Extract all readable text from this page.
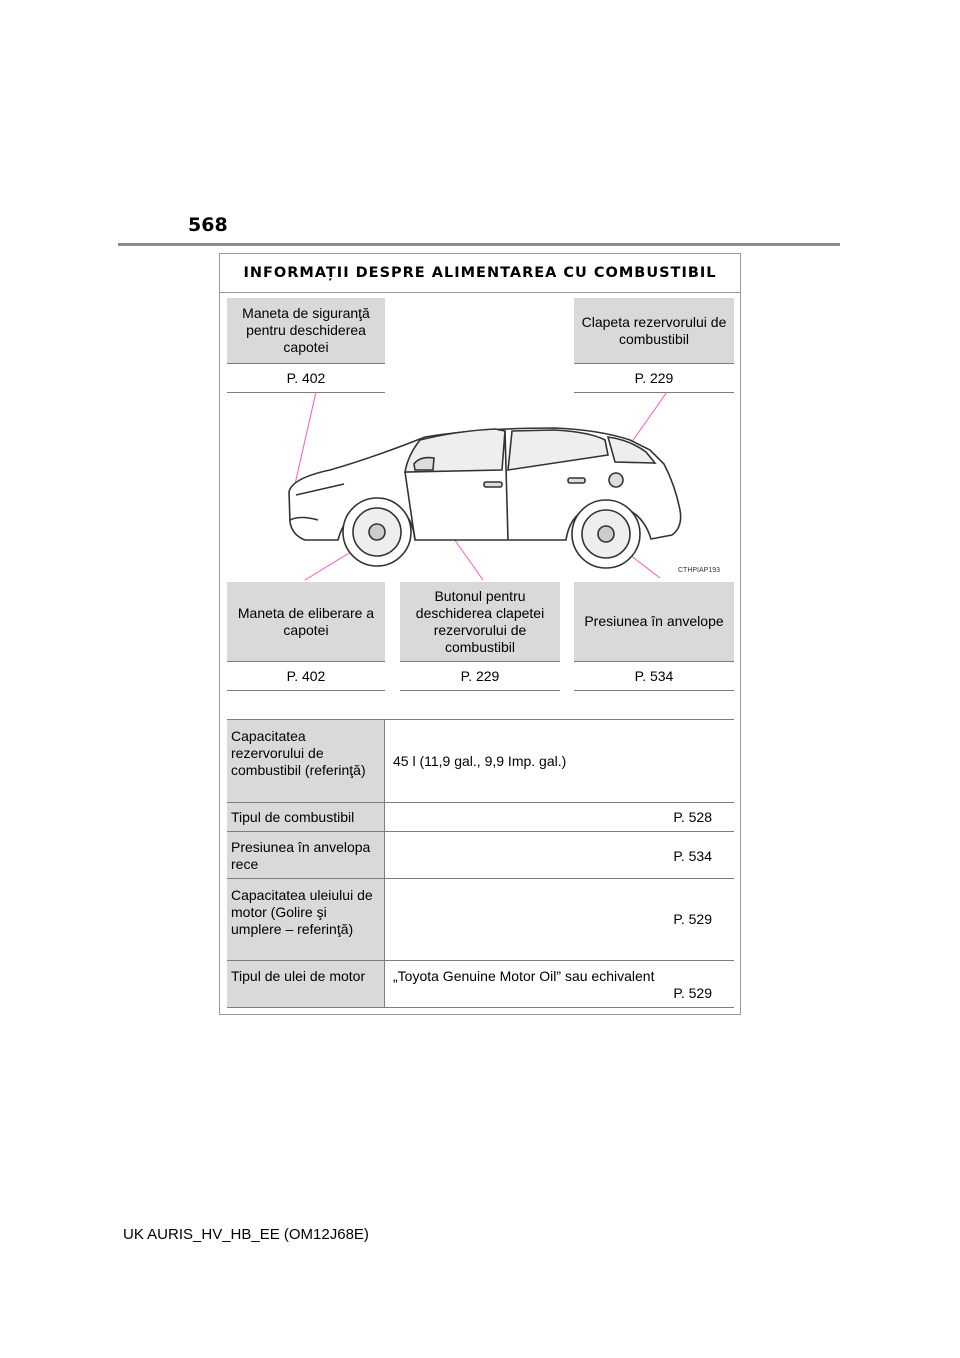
568
INFORMAȚII DESPRE ALIMENTAREA CU COMBUSTIBIL
Maneta de siguranţă pentru deschiderea capotei
P. 402
Clapeta rezervorului de combustibil
P. 229
CTHPIAP193
Maneta de eliberare a capotei
P. 402
Butonul pentru deschiderea clapetei rezervorului de combustibil
P. 229
Presiunea în anvelope
P. 534
Capacitatea rezervorului de combustibil (referinţă)
45 l (11,9 gal., 9,9 Imp. gal.)
Tipul de combustibil	P. 528
Presiunea în anvelopa rece	P. 534
Capacitatea uleiului de motor (Golire şi umplere – referinţă)
P. 529
Tipul de ulei de motor	„Toyota Genuine Motor Oil” sau echivalent
P. 529
UK AURIS_HV_HB_EE (OM12J68E)
